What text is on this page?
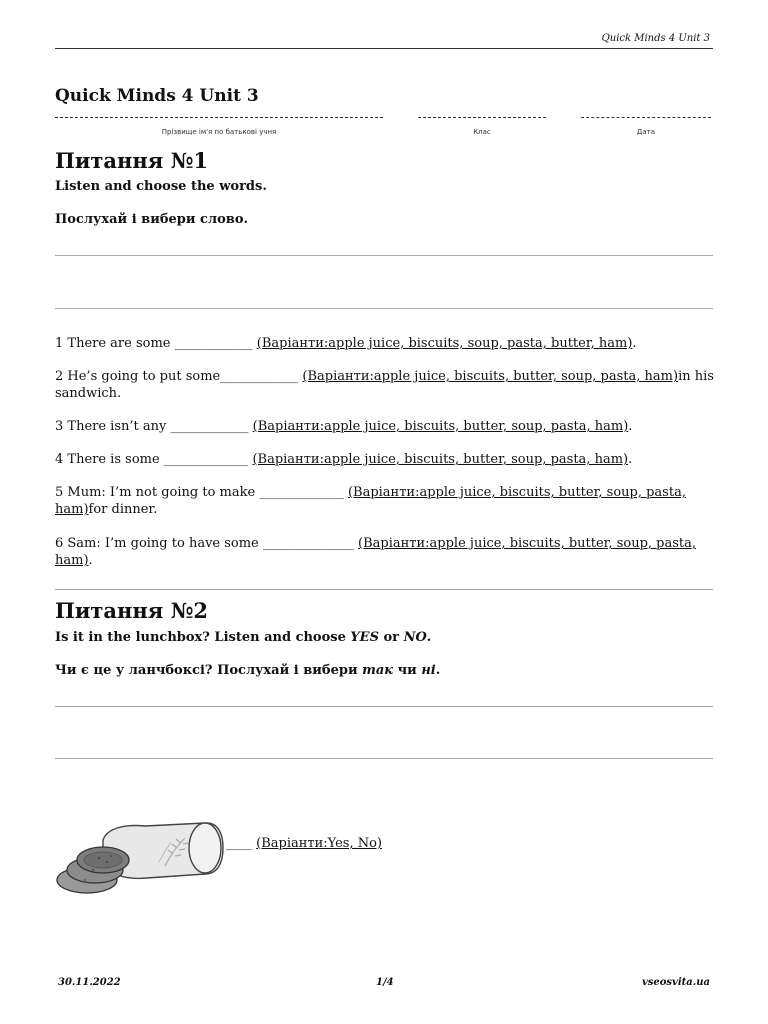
Quick Minds 4 Unit 3
Quick Minds 4 Unit 3
Прізвище ім'я по батькові учня	Клас	Дата
Питання №1
Listen and choose the words.
Послухай і вибери слово.
1 There are some ____________ (Варіанти:apple juice, biscuits, soup, pasta, butter, ham).
2 He’s going to put some____________ (Варіанти:apple juice, biscuits, butter, soup, pasta, ham)in his sandwich.
3 There isn’t any ____________ (Варіанти:apple juice, biscuits, butter, soup, pasta, ham).
4 There is some _____________ (Варіанти:apple juice, biscuits, butter, soup, pasta, ham).
5 Mum: I’m not going to make _____________ (Варіанти:apple juice, biscuits, butter, soup, pasta, ham)for dinner.
6 Sam: I’m going to have some ______________ (Варіанти:apple juice, biscuits, butter, soup, pasta, ham).
Питання №2
Is it in the lunchbox? Listen and choose YES or NO.
Чи є це у ланчбоксі? Послухай і вибери так чи ні.
____ (Варіанти:Yes, No)
30.11.2022	1/4	vseosvita.ua
